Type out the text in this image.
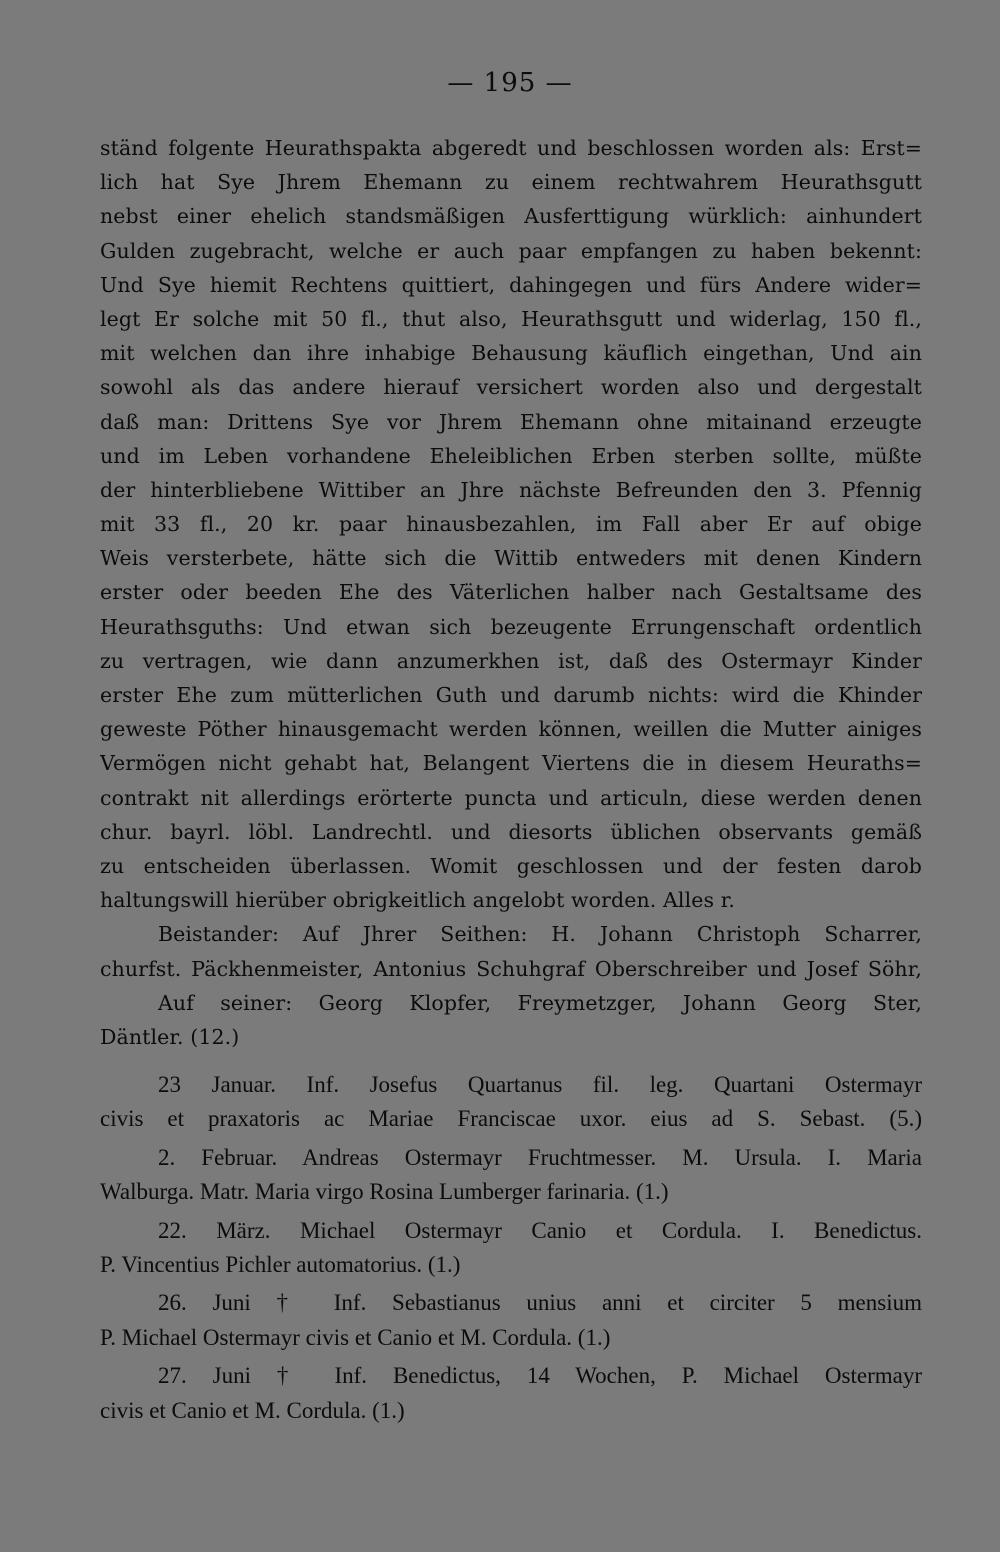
— 195 —
ständ folgente Heurathspakta abgeredt und beschlossen worden als: Erst=
lich hat Sye Jhrem Ehemann zu einem rechtwahrem Heurathsgutt
nebst einer ehelich standsmäßigen Ausferttigung würklich: ainhundert
Gulden zugebracht, welche er auch paar empfangen zu haben bekennt:
Und Sye hiemit Rechtens quittiert, dahingegen und fürs Andere wider=
legt Er solche mit 50 fl., thut also, Heurathsgutt und widerlag, 150 fl.,
mit welchen dan ihre inhabige Behausung käuflich eingethan, Und ain
sowohl als das andere hierauf versichert worden also und dergestalt
daß man: Drittens Sye vor Jhrem Ehemann ohne mitainand erzeugte
und im Leben vorhandene Eheleiblichen Erben sterben sollte, müßte
der hinterbliebene Wittiber an Jhre nächste Befreunden den 3. Pfennig
mit 33 fl., 20 kr. paar hinausbezahlen, im Fall aber Er auf obige
Weis versterbete, hätte sich die Wittib entweders mit denen Kindern
erster oder beeden Ehe des Väterlichen halber nach Gestaltsame des
Heurathsguths: Und etwan sich bezeugente Errungenschaft ordentlich
zu vertragen, wie dann anzumerkhen ist, daß des Ostermayr Kinder
erster Ehe zum mütterlichen Guth und darumb nichts: wird die Khinder
geweste Pöther hinausgemacht werden können, weillen die Mutter ainiges
Vermögen nicht gehabt hat, Belangent Viertens die in diesem Heuraths=
contrakt nit allerdings erörterte puncta und articuln, diese werden denen
chur. bayrl. löbl. Landrechtl. und diesorts üblichen observants gemäß
zu entscheiden überlassen. Womit geschlossen und der festen darob
haltungswill hierüber obrigkeitlich angelobt worden. Alles r.
Beistander: Auf Jhrer Seithen: H. Johann Christoph Scharrer,
churfst. Päckhenmeister, Antonius Schuhgraf Oberschreiber und Josef Söhr,
Auf seiner: Georg Klopfer, Freymetzger, Johann Georg Ster,
Däntler. (12.)
23 Januar. Inf. Josefus Quartanus fil. leg. Quartani Ostermayr
civis et praxatoris ac Mariae Franciscae uxor. eius ad S. Sebast. (5.)
2. Februar. Andreas Ostermayr Fruchtmesser. M. Ursula. I. Maria
Walburga. Matr. Maria virgo Rosina Lumberger farinaria. (1.)
22. März. Michael Ostermayr Canio et Cordula. I. Benedictus.
P. Vincentius Pichler automatorius. (1.)
26. Juni † Inf. Sebastianus unius anni et circiter 5 mensium
P. Michael Ostermayr civis et Canio et M. Cordula. (1.)
27. Juni † Inf. Benedictus, 14 Wochen, P. Michael Ostermayr
civis et Canio et M. Cordula. (1.)
